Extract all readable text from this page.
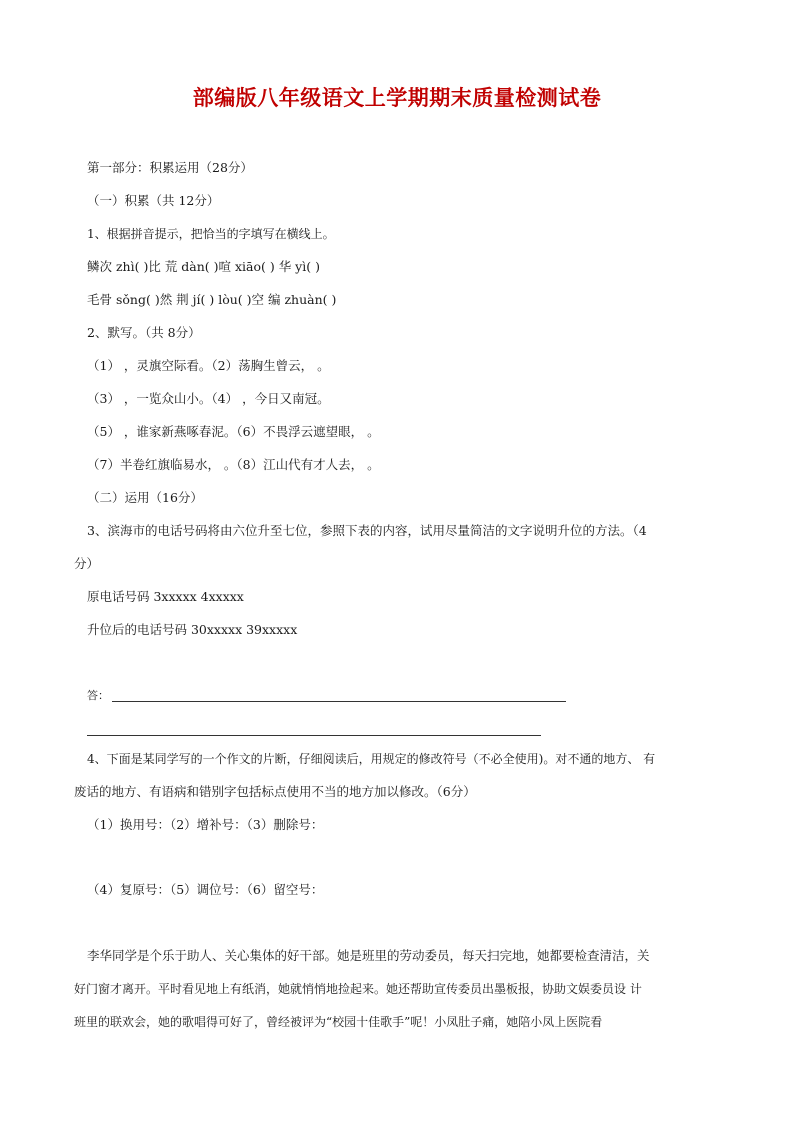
部编版八年级语文上学期期末质量检测试卷
第一部分：积累运用（28分）
（一）积累（共 12分）
1、根据拼音提示，把恰当的字填写在横线上。
鳞次 zhì( )比 荒 dàn( )喧 xiāo( ) 华 yì( )
毛骨 sǒng( )然 荆 jí( ) lòu( )空 编 zhuàn( )
2、默写。（共 8分）
（1） ，灵旗空际看。（2）荡胸生曾云， 。
（3） ，一览众山小。（4） ，今日又南冠。
（5） ，谁家新燕啄春泥。（6）不畏浮云遮望眼， 。
（7）半卷红旗临易水， 。（8）江山代有才人去， 。
（二）运用（16分）
3、滨海市的电话号码将由六位升至七位，参照下表的内容，试用尽量简洁的文字说明升位的方法。（4
分）
原电话号码 3xxxxx 4xxxxx
升位后的电话号码 30xxxxx 39xxxxx
答：
4、下面是某同学写的一个作文的片断，仔细阅读后，用规定的修改符号（不必全使用)。对不通的地方、 有
废话的地方、有语病和错别字包括标点使用不当的地方加以修改。（6分）
（1）换用号：（2）增补号：（3）删除号：
（4）复原号：（5）调位号：（6）留空号：
李华同学是个乐于助人、关心集体的好干部。她是班里的劳动委员，每天扫完地，她都要检查清洁，关
好门窗才离开。平时看见地上有纸消，她就悄悄地捡起来。她还帮助宣传委员出墨板报，协助文娱委员设 计
班里的联欢会，她的歌唱得可好了，曾经被评为“校园十佳歌手”呢！小凤肚子痛，她陪小凤上医院看
